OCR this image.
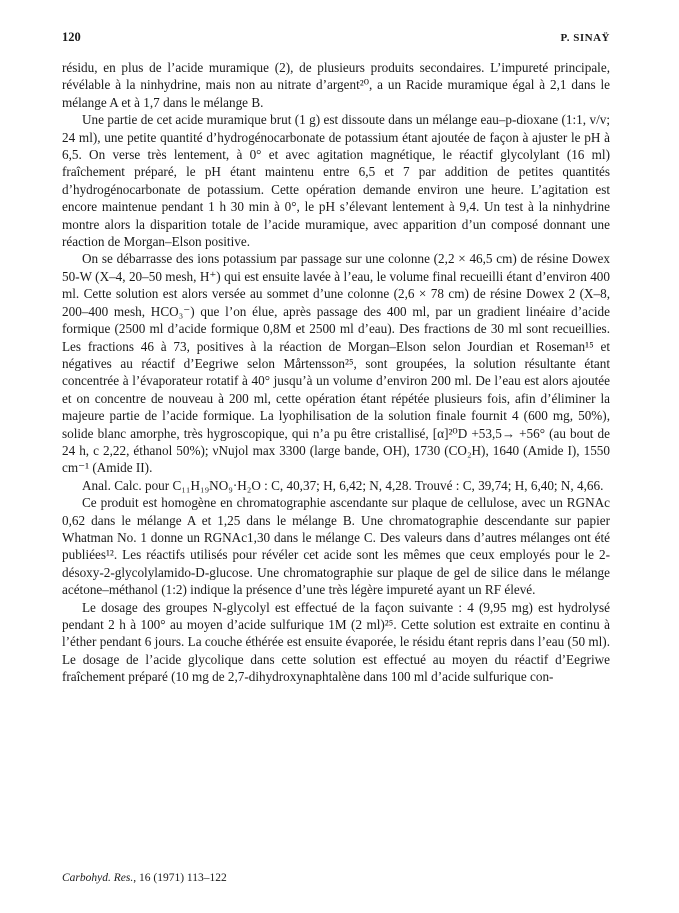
120	P. SINAŸ

résidu, en plus de l’acide muramique (2), de plusieurs produits secondaires. L’impureté principale, révélable à la ninhydrine, mais non au nitrate d’argent²⁰, a un Racide muramique égal à 2,1 dans le mélange A et à 1,7 dans le mélange B.

Une partie de cet acide muramique brut (1 g) est dissoute dans un mélange eau–p-dioxane (1:1, v/v; 24 ml), une petite quantité d’hydrogénocarbonate de potassium étant ajoutée de façon à ajuster le pH à 6,5. On verse très lentement, à 0° et avec agitation magnétique, le réactif glycolylant (16 ml) fraîchement préparé, le pH étant maintenu entre 6,5 et 7 par addition de petites quantités d’hydrogénocarbonate de potassium. Cette opération demande environ une heure. L’agitation est encore maintenue pendant 1 h 30 min à 0°, le pH s’élevant lentement à 9,4. Un test à la ninhydrine montre alors la disparition totale de l’acide muramique, avec apparition d’un composé donnant une réaction de Morgan–Elson positive.

On se débarrasse des ions potassium par passage sur une colonne (2,2 × 46,5 cm) de résine Dowex 50-W (X–4, 20–50 mesh, H⁺) qui est ensuite lavée à l’eau, le volume final recueilli étant d’environ 400 ml. Cette solution est alors versée au sommet d’une colonne (2,6 × 78 cm) de résine Dowex 2 (X–8, 200–400 mesh, HCO₃⁻) que l’on élue, après passage des 400 ml, par un gradient linéaire d’acide formique (2500 ml d’acide formique 0,8M et 2500 ml d’eau). Des fractions de 30 ml sont recueillies. Les fractions 46 à 73, positives à la réaction de Morgan–Elson selon Jourdian et Roseman¹⁵ et négatives au réactif d’Eegriwe selon Mårtensson²⁵, sont groupées, la solution résultante étant concentrée à l’évaporateur rotatif à 40° jusqu’à un volume d’environ 200 ml. De l’eau est alors ajoutée et on concentre de nouveau à 200 ml, cette opération étant répétée plusieurs fois, afin d’éliminer la majeure partie de l’acide formique. La lyophilisation de la solution finale fournit 4 (600 mg, 50%), solide blanc amorphe, très hygroscopique, qui n’a pu être cristallisé, [α]²⁰D +53,5→ +56° (au bout de 24 h, c 2,22, éthanol 50%); νNujol max 3300 (large bande, OH), 1730 (CO₂H), 1640 (Amide I), 1550 cm⁻¹ (Amide II).

Anal. Calc. pour C₁₁H₁₉NO₉·H₂O : C, 40,37; H, 6,42; N, 4,28. Trouvé : C, 39,74; H, 6,40; N, 4,66.

Ce produit est homogène en chromatographie ascendante sur plaque de cellulose, avec un RGNAc 0,62 dans le mélange A et 1,25 dans le mélange B. Une chromatographie descendante sur papier Whatman No. 1 donne un RGNAc1,30 dans le mélange C. Des valeurs dans d’autres mélanges ont été publiées¹². Les réactifs utilisés pour révéler cet acide sont les mêmes que ceux employés pour le 2-désoxy-2-glycolylamido-D-glucose. Une chromatographie sur plaque de gel de silice dans le mélange acétone–méthanol (1:2) indique la présence d’une très légère impureté ayant un RF élevé.

Le dosage des groupes N-glycolyl est effectué de la façon suivante : 4 (9,95 mg) est hydrolysé pendant 2 h à 100° au moyen d’acide sulfurique 1M (2 ml)²⁵. Cette solution est extraite en continu à l’éther pendant 6 jours. La couche éthérée est ensuite évaporée, le résidu étant repris dans l’eau (50 ml). Le dosage de l’acide glycolique dans cette solution est effectué au moyen du réactif d’Eegriwe fraîchement préparé (10 mg de 2,7-dihydroxynaphtalène dans 100 ml d’acide sulfurique con-

Carbohyd. Res., 16 (1971) 113–122
